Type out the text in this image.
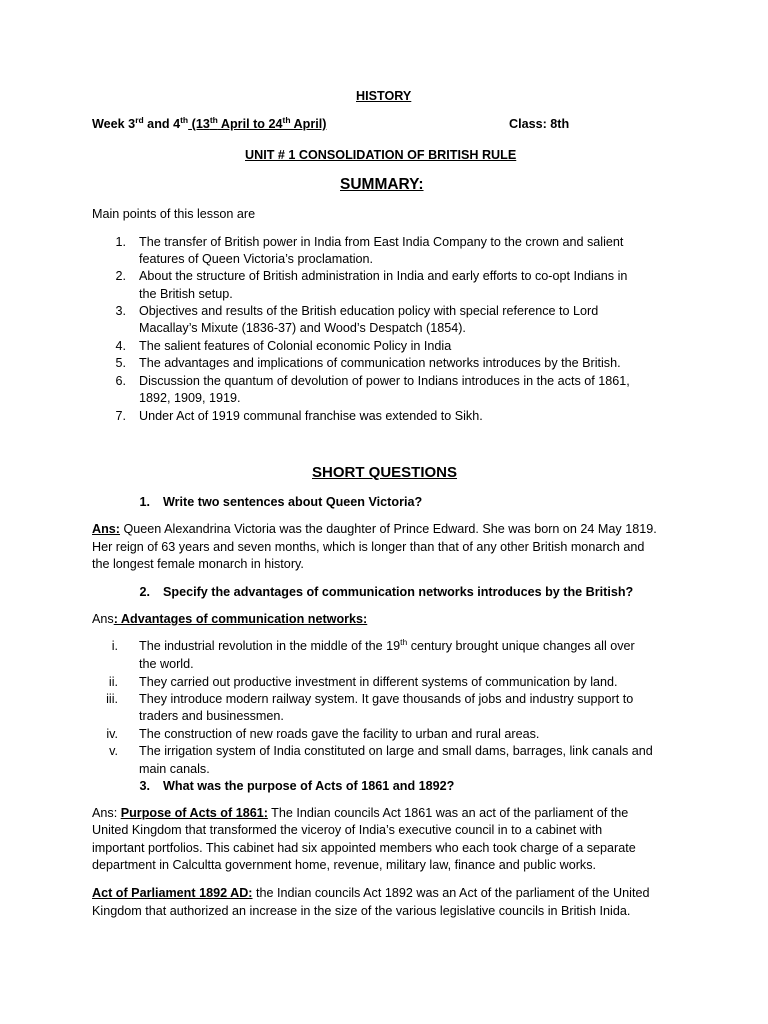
HISTORY
Week 3rd and 4th (13th April to 24th April)	Class: 8th
UNIT # 1 CONSOLIDATION OF BRITISH RULE
SUMMARY:
Main points of this lesson are
1. The transfer of British power in India from East India Company to the crown and salient
features of Queen Victoria’s proclamation.
2. About the structure of British administration in India and early efforts to co-opt Indians in
the British setup.
3. Objectives and results of the British education policy with special reference to Lord
Macallay’s Mixute (1836-37) and Wood’s Despatch (1854).
4. The salient features of Colonial economic Policy in India
5. The advantages and implications of communication networks introduces by the British.
6. Discussion the quantum of devolution of power to Indians introduces in the acts of 1861,
1892, 1909, 1919.
7. Under Act of 1919 communal franchise was extended to Sikh.
SHORT QUESTIONS
1. Write two sentences about Queen Victoria?
Ans: Queen Alexandrina Victoria was the daughter of Prince Edward. She was born on 24 May 1819.
Her reign of 63 years and seven months, which is longer than that of any other British monarch and
the longest female monarch in history.
2. Specify the advantages of communication networks introduces by the British?
Ans: Advantages of communication networks:
i. The industrial revolution in the middle of the 19th century brought unique changes all over
the world.
ii. They carried out productive investment in different systems of communication by land.
iii. They introduce modern railway system. It gave thousands of jobs and industry support to
traders and businessmen.
iv. The construction of new roads gave the facility to urban and rural areas.
v. The irrigation system of India constituted on large and small dams, barrages, link canals and
main canals.
3. What was the purpose of Acts of 1861 and 1892?
Ans: Purpose of Acts of 1861: The Indian councils Act 1861 was an act of the parliament of the
United Kingdom that transformed the viceroy of India’s executive council in to a cabinet with
important portfolios. This cabinet had six appointed members who each took charge of a separate
department in Calcultta government home, revenue, military law, finance and public works.
Act of Parliament 1892 AD: the Indian councils Act 1892 was an Act of the parliament of the United
Kingdom that authorized an increase in the size of the various legislative councils in British Inida.
